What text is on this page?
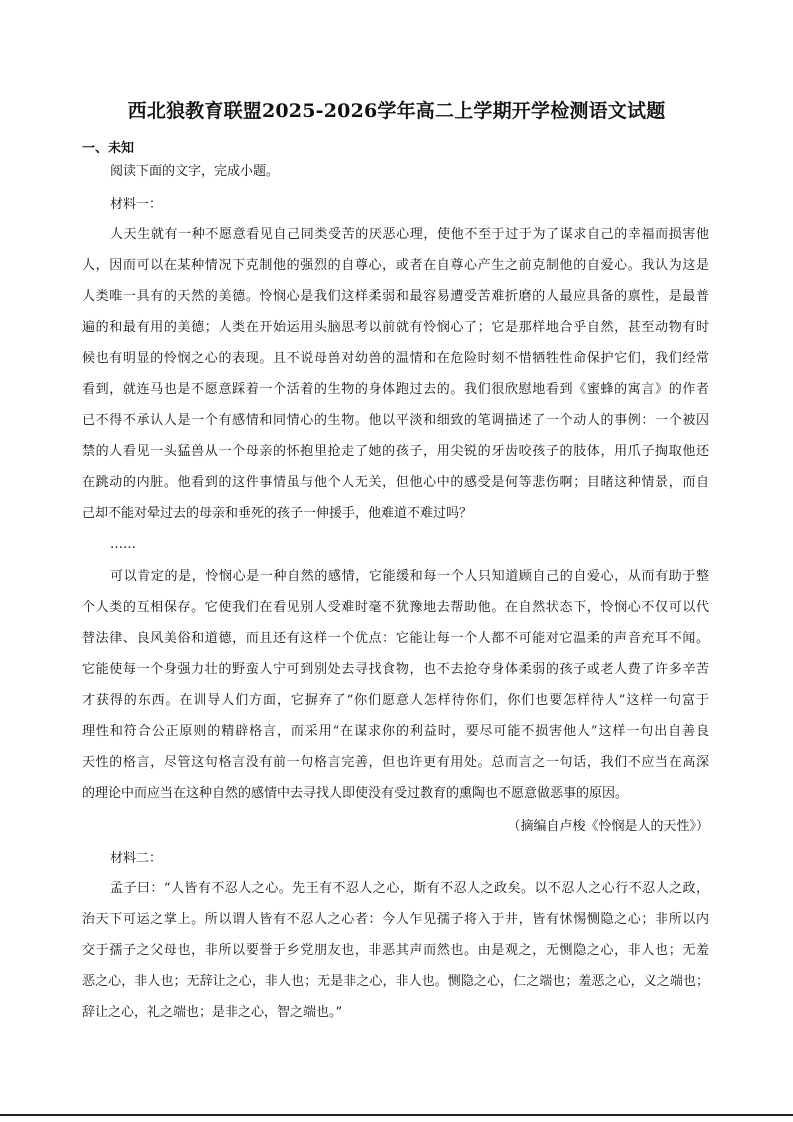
西北狼教育联盟2025-2026学年高二上学期开学检测语文试题
一、未知
阅读下面的文字，完成小题。
材料一：
人天生就有一种不愿意看见自己同类受苦的厌恶心理，使他不至于过于为了谋求自己的幸福而损害他
人，因而可以在某种情况下克制他的强烈的自尊心，或者在自尊心产生之前克制他的自爱心。我认为这是
人类唯一具有的天然的美德。怜悯心是我们这样柔弱和最容易遭受苦难折磨的人最应具备的禀性，是最普
遍的和最有用的美德；人类在开始运用头脑思考以前就有怜悯心了；它是那样地合乎自然，甚至动物有时
候也有明显的怜悯之心的表现。且不说母兽对幼兽的温情和在危险时刻不惜牺牲性命保护它们，我们经常
看到，就连马也是不愿意踩着一个活着的生物的身体跑过去的。我们很欣慰地看到《蜜蜂的寓言》的作者
已不得不承认人是一个有感情和同情心的生物。他以平淡和细致的笔调描述了一个动人的事例：一个被囚
禁的人看见一头猛兽从一个母亲的怀抱里抢走了她的孩子，用尖锐的牙齿咬孩子的肢体，用爪子掏取他还
在跳动的内脏。他看到的这件事情虽与他个人无关，但他心中的感受是何等悲伤啊；目睹这种情景，而自
己却不能对晕过去的母亲和垂死的孩子一伸援手，他难道不难过吗？
……
可以肯定的是，怜悯心是一种自然的感情，它能缓和每一个人只知道顾自己的自爱心，从而有助于整
个人类的互相保存。它使我们在看见别人受难时毫不犹豫地去帮助他。在自然状态下，怜悯心不仅可以代
替法律、良风美俗和道德，而且还有这样一个优点：它能让每一个人都不可能对它温柔的声音充耳不闻。
它能使每一个身强力壮的野蛮人宁可到别处去寻找食物，也不去抢夺身体柔弱的孩子或老人费了许多辛苦
才获得的东西。在训导人们方面，它摒弃了“你们愿意人怎样待你们，你们也要怎样待人”这样一句富于
理性和符合公正原则的精辟格言，而采用“在谋求你的利益时，要尽可能不损害他人”这样一句出自善良
天性的格言，尽管这句格言没有前一句格言完善，但也许更有用处。总而言之一句话，我们不应当在高深
的理论中而应当在这种自然的感情中去寻找人即使没有受过教育的熏陶也不愿意做恶事的原因。
（摘编自卢梭《怜悯是人的天性》）
材料二：
孟子曰：“人皆有不忍人之心。先王有不忍人之心，斯有不忍人之政矣。以不忍人之心行不忍人之政，
治天下可运之掌上。所以谓人皆有不忍人之心者：今人乍见孺子将入于井，皆有怵惕恻隐之心；非所以内
交于孺子之父母也，非所以要誉于乡党朋友也，非恶其声而然也。由是观之，无恻隐之心，非人也；无羞
恶之心，非人也；无辞让之心，非人也；无是非之心，非人也。恻隐之心，仁之端也；羞恶之心，义之端也；
辞让之心，礼之端也；是非之心，智之端也。”
